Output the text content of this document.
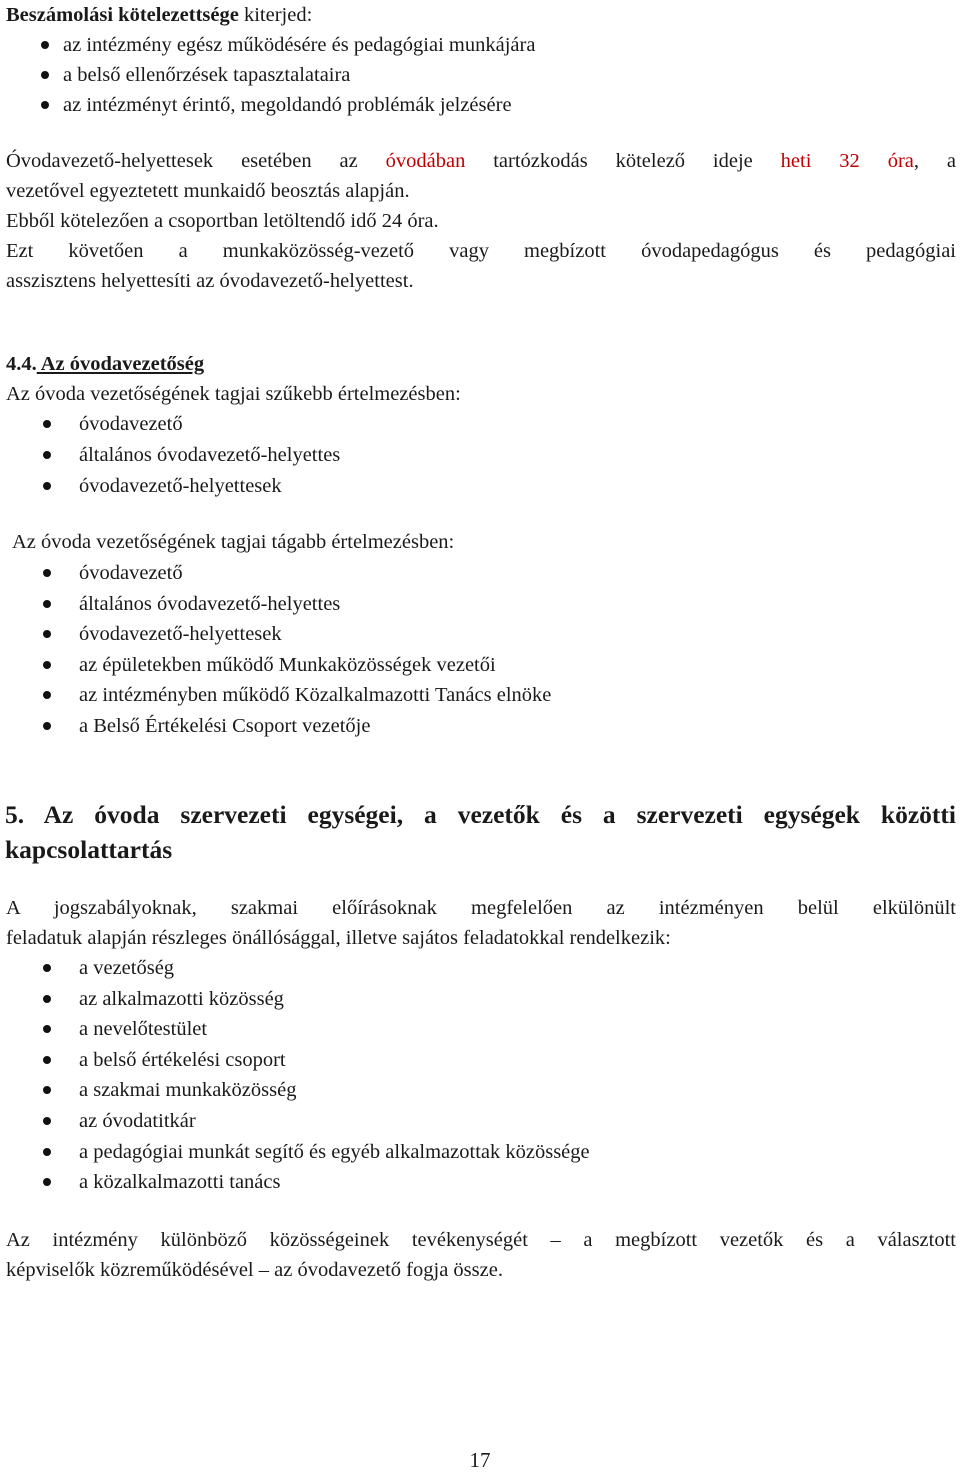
Beszámolási kötelezettsége kiterjed:
az intézmény egész működésére és pedagógiai munkájára
a belső ellenőrzések tapasztalataira
az intézményt érintő, megoldandó problémák jelzésére
Óvodavezető-helyettesek esetében az óvodában tartózkodás kötelező ideje heti 32 óra, a
vezetővel egyeztetett munkaidő beosztás alapján.
Ebből kötelezően a csoportban letöltendő idő 24 óra.
Ezt követően a munkaközösség-vezető vagy megbízott óvodapedagógus és pedagógiai
asszisztens helyettesíti az óvodavezető-helyettest.
4.4. Az óvodavezetőség
Az óvoda vezetőségének tagjai szűkebb értelmezésben:
óvodavezető
általános óvodavezető-helyettes
óvodavezető-helyettesek
Az óvoda vezetőségének tagjai tágabb értelmezésben:
óvodavezető
általános óvodavezető-helyettes
óvodavezető-helyettesek
az épületekben működő Munkaközösségek vezetői
az intézményben működő Közalkalmazotti Tanács elnöke
a Belső Értékelési Csoport vezetője
5. Az óvoda szervezeti egységei, a vezetők és a szervezeti egységek közötti
kapcsolattartás
A jogszabályoknak, szakmai előírásoknak megfelelően az intézményen belül elkülönült
feladatuk alapján részleges önállósággal, illetve sajátos feladatokkal rendelkezik:
a vezetőség
az alkalmazotti közösség
a nevelőtestület
a belső értékelési csoport
a szakmai munkaközösség
az óvodatitkár
a pedagógiai munkát segítő és egyéb alkalmazottak közössége
a közalkalmazotti tanács
Az intézmény különböző közösségeinek tevékenységét – a megbízott vezetők és a választott
képviselők közreműködésével – az óvodavezető fogja össze.
17
